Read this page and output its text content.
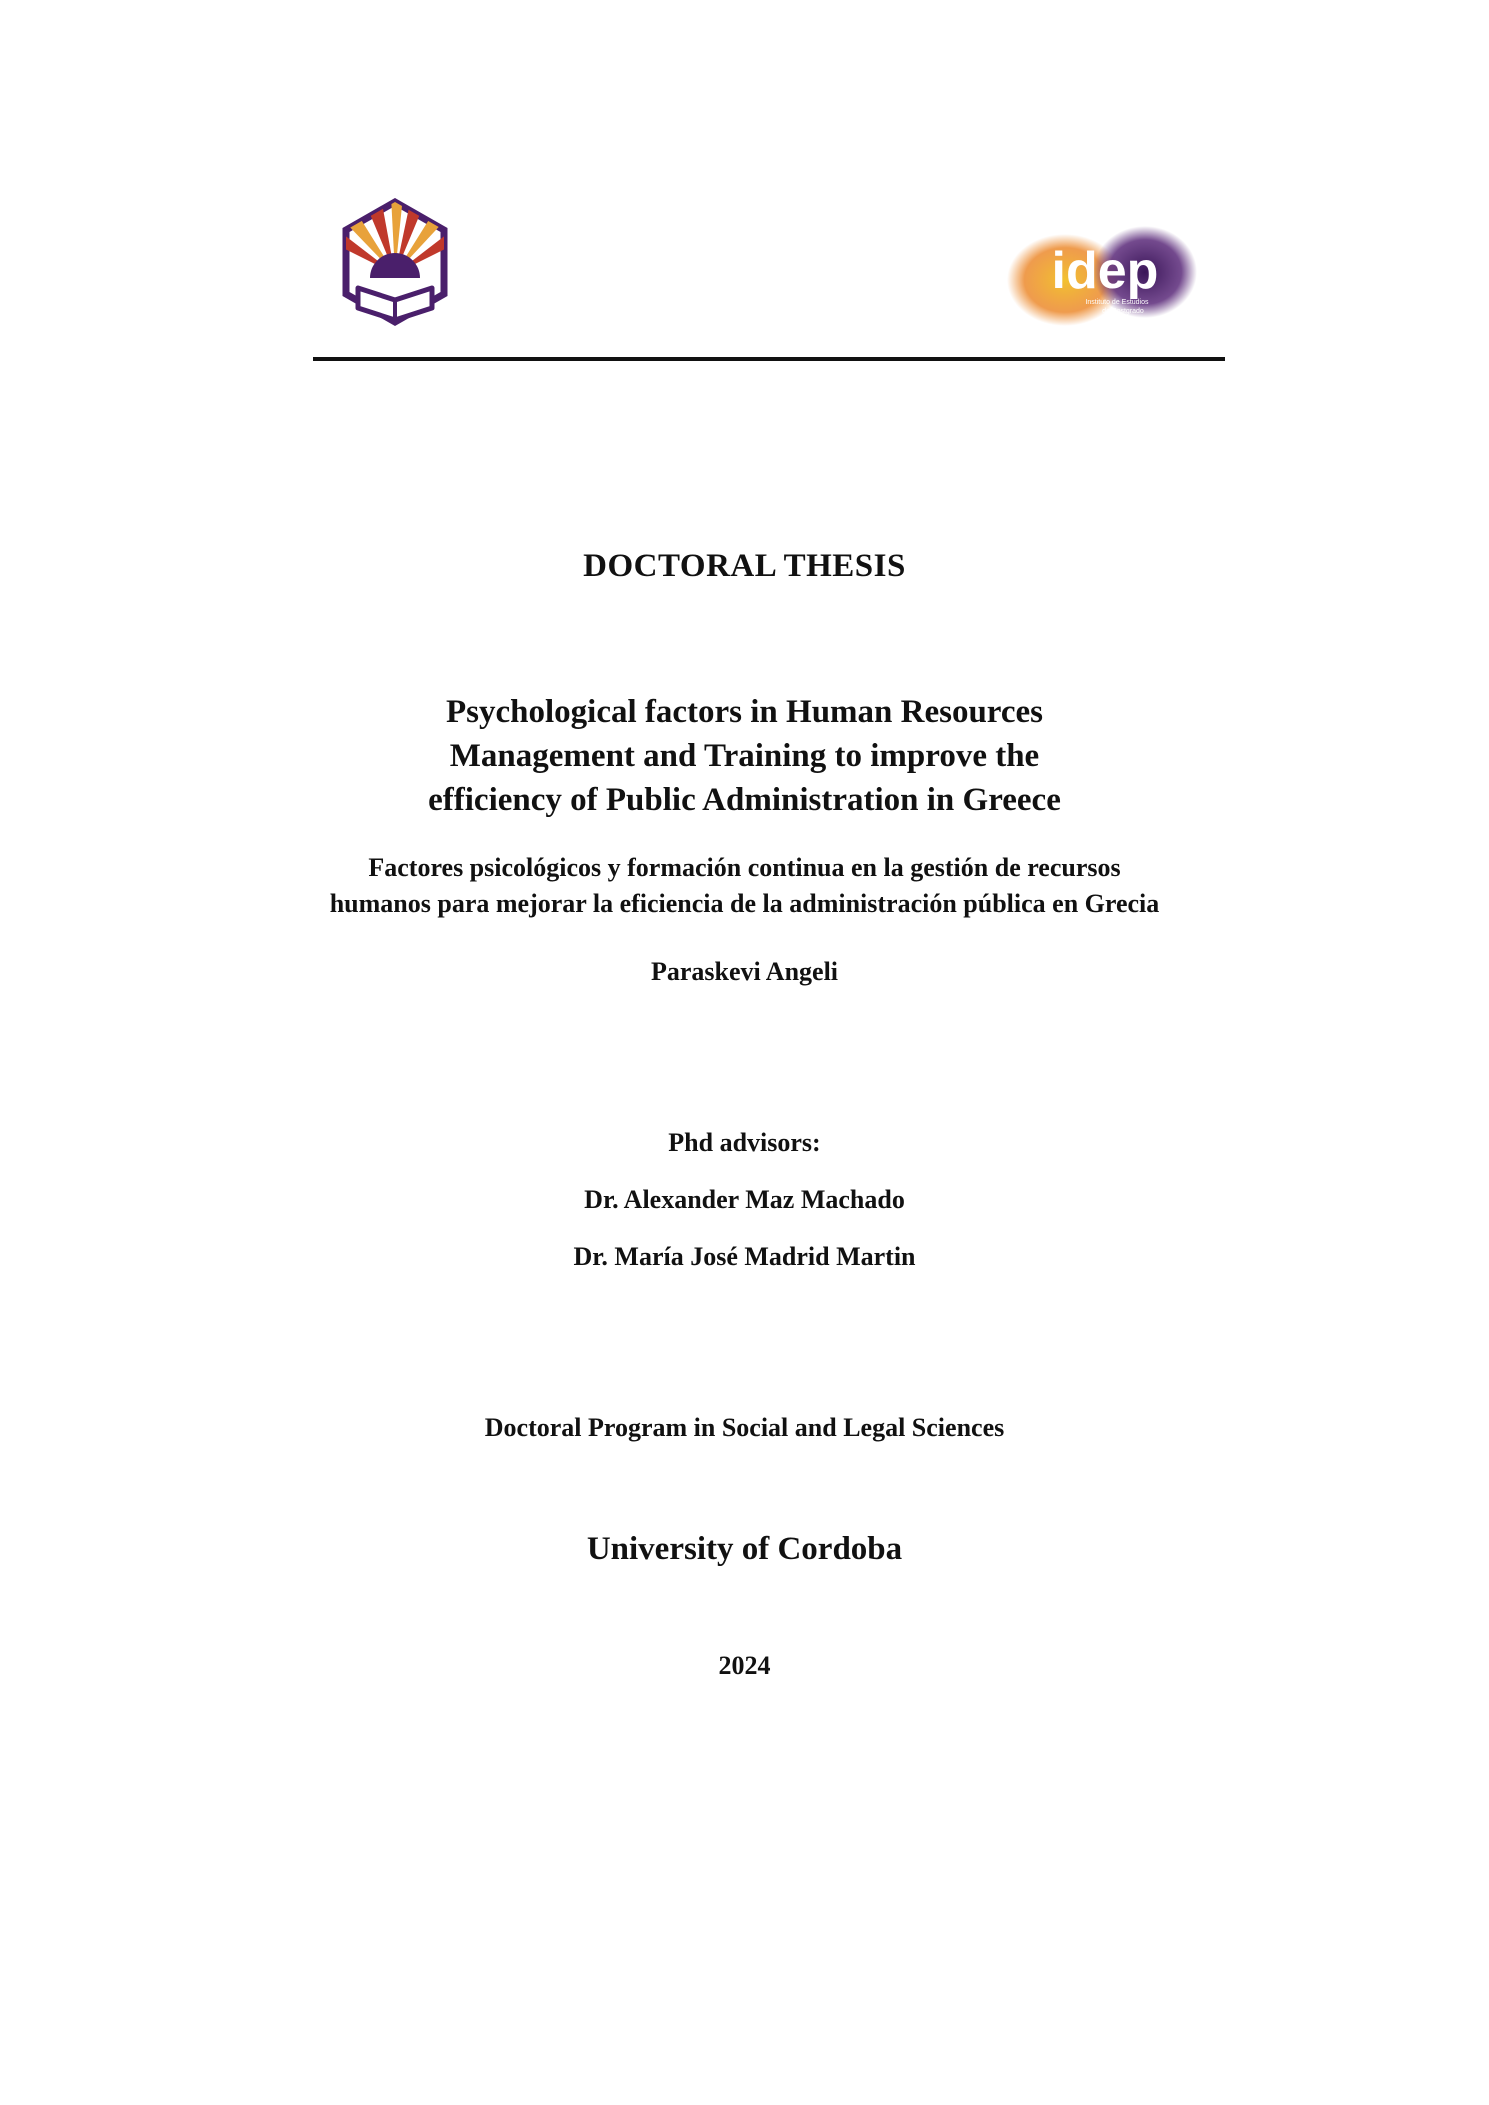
idep
Instituto de Estudios
de Postgrado
DOCTORAL THESIS
Psychological factors in Human Resources
Management and Training to improve the
efficiency of Public Administration in Greece
Factores psicológicos y formación continua en la gestión de recursos
humanos para mejorar la eficiencia de la administración pública en Grecia
Paraskevi Angeli
Phd advisors:
Dr. Alexander Maz Machado
Dr. María José Madrid Martin
Doctoral Program in Social and Legal Sciences
University of Cordoba
2024
